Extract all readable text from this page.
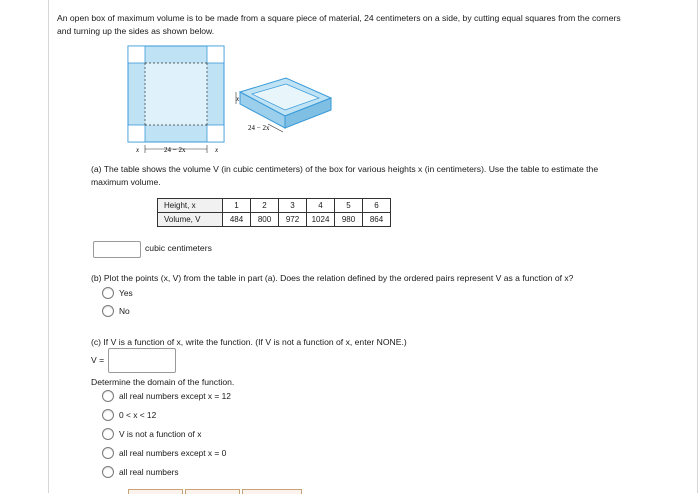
An open box of maximum volume is to be made from a square piece of material, 24 centimeters on a side, by cutting equal squares from the corners
and turning up the sides as shown below.
x	24 − 2x	x
x
24 − 2x
(a) The table shows the volume V (in cubic centimeters) of the box for various heights x (in centimeters). Use the table to estimate the
maximum volume.
Height, x	1	2	3	4	5	6
Volume, V	484	800	972	1024	980	864
cubic centimeters
(b) Plot the points (x, V) from the table in part (a). Does the relation defined by the ordered pairs represent V as a function of x?
Yes
No
(c) If V is a function of x, write the function. (If V is not a function of x, enter NONE.)
V =
Determine the domain of the function.
all real numbers except x = 12
0 < x < 12
V is not a function of x
all real numbers except x = 0
all real numbers
